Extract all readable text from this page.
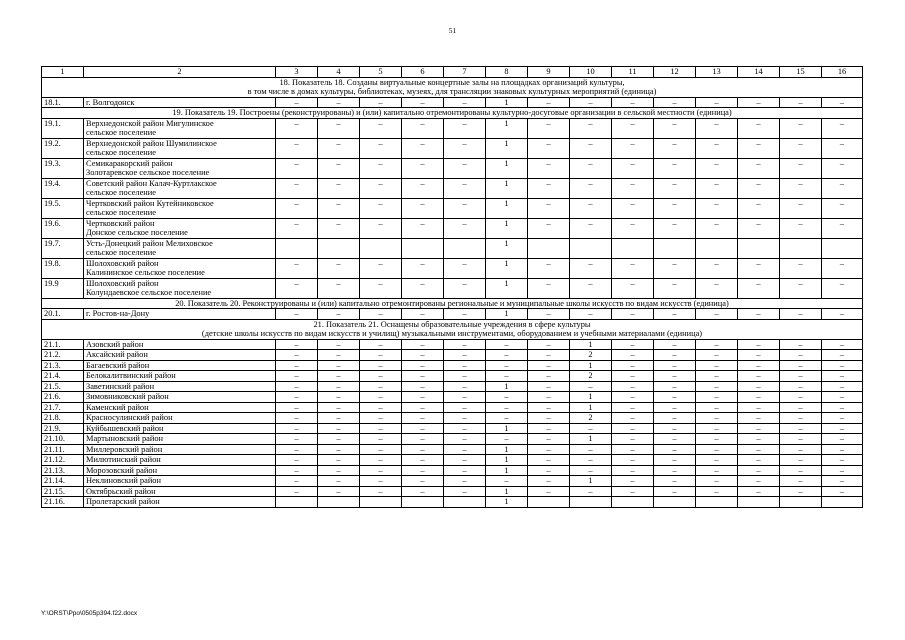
51
1	2	3	4	5	6	7	8	9	10	11	12	13	14	15	16

18. Показатель 18. Созданы виртуальные концертные залы на площадках организаций культуры,
в том числе в домах культуры, библиотеках, музеях, для трансляции знаковых культурных мероприятий (единица)															

18.1.	г. Волгодонск	–	–	–	–	–	1	–	–	–	–	–	–	–	–

19. Показатель 19. Построены (реконструированы) и (или) капитально отремонтированы культурно-досуговые организации в сельской местности (единица)															

19.1.	Верхнедонской район Мигулинское
сельское поселение	–	–	–	–	–	1	–	–	–	–	–	–	–	–
19.2.	Верхнедонской район Шумилинское
сельское поселение	–	–	–	–	–	1	–	–	–	–	–	–	–	–
19.3.	Семикаракорский район
Золотаревское сельское поселение	–	–	–	–	–	1	–	–	–	–	–	–	–	–
19.4.	Советский район Калач-Куртлакское
сельское поселение	–	–	–	–	–	1	–	–	–	–	–	–	–	–
19.5.	Чертковский район Кутейниковское
сельское поселение	–	–	–	–	–	1	–	–	–	–	–	–	–	–
19.6.	Чертковский район
Донское сельское поселение	–	–	–	–	–	1	–	–	–	–	–	–	–	–
19.7.	Усть-Донецкий район Мелиховское
сельское поселение						1								
19.8.	Шолоховский район
Калининское сельское поселение	–	–	–	–	–	1	–	–	–	–	–	–	–	–
19.9	Шолоховский район
Колундаевское сельское поселение	–	–	–	–	–	1	–	–	–	–	–	–	–	–

20. Показатель 20. Реконструированы и (или) капитально отремонтированы региональные и муниципальные школы искусств по видам искусств (единица)															

20.1.	г. Ростов-на-Дону	–	–	–	–	–	1	–	–	–	–	–	–	–	–

21. Показатель 21. Оснащены образовательные учреждения в сфере культуры
(детские школы искусств по видам искусств и училищ) музыкальными инструментами, оборудованием и учебными материалами (единица)															

21.1.	Азовский район	–	–	–	–	–	–	–	1	–	–	–	–	–	–
21.2.	Аксайский район	–	–	–	–	–	–	–	2	–	–	–	–	–	–
21.3.	Багаевский район	–	–	–	–	–	–	–	1	–	–	–	–	–	–
21.4.	Белокалитвинский район	–	–	–	–	–	–	–	2	–	–	–	–	–	–
21.5.	Заветинский район	–	–	–	–	–	1	–	–	–	–	–	–	–	–
21.6.	Зимовниковский район	–	–	–	–	–	–	–	1	–	–	–	–	–	–
21.7.	Каменский район	–	–	–	–	–	–	–	1	–	–	–	–	–	–
21.8.	Красносулинский район	–	–	–	–	–	–	–	2	–	–	–	–	–	–
21.9.	Куйбышевский район	–	–	–	–	–	1	–	–	–	–	–	–	–	–
21.10.	Мартыновский район	–	–	–	–	–	–	–	1	–	–	–	–	–	–
21.11.	Миллеровский район	–	–	–	–	–	1	–	–	–	–	–	–	–	–
21.12.	Милютинский район	–	–	–	–	–	1	–	–	–	–	–	–	–	–
21.13.	Морозовский район	–	–	–	–	–	1	–	–	–	–	–	–	–	–
21.14.	Неклиновский район	–	–	–	–	–	–	–	1	–	–	–	–	–	–
21.15.	Октябрьский район	–	–	–	–	–	1	–	–	–	–	–	–	–	–
21.16.	Пролетарский район						1								
Y:\ORST\Ppo\0505p394.f22.docx
